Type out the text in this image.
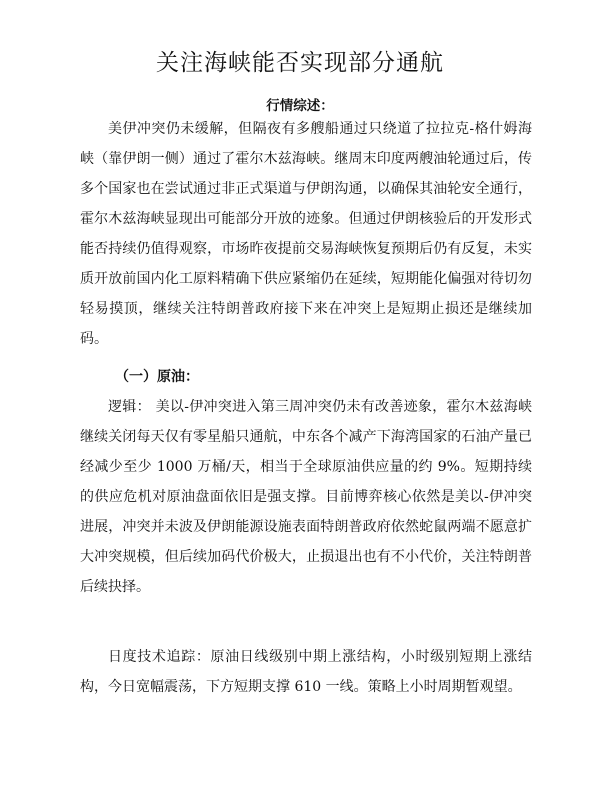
关注海峡能否实现部分通航
行情综述：

美伊冲突仍未缓解，但隔夜有多艘船通过只绕道了拉拉克-格什姆海峡（靠伊朗一侧）通过了霍尔木兹海峡。继周末印度两艘油轮通过后，传多个国家也在尝试通过非正式渠道与伊朗沟通，以确保其油轮安全通行，霍尔木兹海峡显现出可能部分开放的迹象。但通过伊朗核验后的开发形式能否持续仍值得观察，市场昨夜提前交易海峡恢复预期后仍有反复，未实质开放前国内化工原料精确下供应紧缩仍在延续，短期能化偏强对待切勿轻易摸顶，继续关注特朗普政府接下来在冲突上是短期止损还是继续加码。

（一）原油：

逻辑： 美以-伊冲突进入第三周冲突仍未有改善迹象，霍尔木兹海峡继续关闭每天仅有零星船只通航，中东各个减产下海湾国家的石油产量已经减少至少 1000 万桶/天，相当于全球原油供应量的约 9%。短期持续的供应危机对原油盘面依旧是强支撑。目前博弈核心依然是美以-伊冲突进展，冲突并未波及伊朗能源设施表面特朗普政府依然蛇鼠两端不愿意扩大冲突规模，但后续加码代价极大，止损退出也有不小代价，关注特朗普后续抉择。

日度技术追踪：原油日线级别中期上涨结构，小时级别短期上涨结构，今日宽幅震荡，下方短期支撑 610 一线。策略上小时周期暂观望。
